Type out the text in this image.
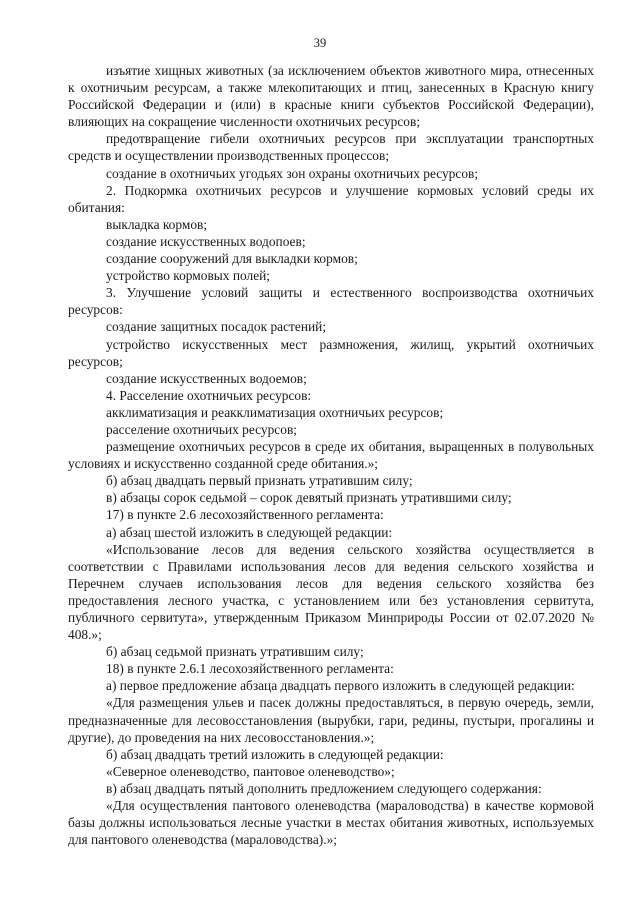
39

изъятие хищных животных (за исключением объектов животного мира, отнесенных к охотничьим ресурсам, а также млекопитающих и птиц, занесенных в Красную книгу Российской Федерации и (или) в красные книги субъектов Российской Федерации), влияющих на сокращение численности охотничьих ресурсов;

предотвращение гибели охотничьих ресурсов при эксплуатации транспортных средств и осуществлении производственных процессов;

создание в охотничьих угодьях зон охраны охотничьих ресурсов;

2. Подкормка охотничьих ресурсов и улучшение кормовых условий среды их обитания:

выкладка кормов;

создание искусственных водопоев;

создание сооружений для выкладки кормов;

устройство кормовых полей;

3. Улучшение условий защиты и естественного воспроизводства охотничьих ресурсов:

создание защитных посадок растений;

устройство искусственных мест размножения, жилищ, укрытий охотничьих ресурсов;

создание искусственных водоемов;

4. Расселение охотничьих ресурсов:

акклиматизация и реакклиматизация охотничьих ресурсов;

расселение охотничьих ресурсов;

размещение охотничьих ресурсов в среде их обитания, выращенных в полувольных условиях и искусственно созданной среде обитания.»;

б) абзац двадцать первый признать утратившим силу;

в) абзацы сорок седьмой – сорок девятый признать утратившими силу;

17) в пункте 2.6 лесохозяйственного регламента:

а) абзац шестой изложить в следующей редакции:

«Использование лесов для ведения сельского хозяйства осуществляется в соответствии с Правилами использования лесов для ведения сельского хозяйства и Перечнем случаев использования лесов для ведения сельского хозяйства без предоставления лесного участка, с установлением или без установления сервитута, публичного сервитута», утвержденным Приказом Минприроды России от 02.07.2020 № 408.»;

б) абзац седьмой признать утратившим силу;

18) в пункте 2.6.1 лесохозяйственного регламента:

а) первое предложение абзаца двадцать первого изложить в следующей редакции:

«Для размещения ульев и пасек должны предоставляться, в первую очередь, земли, предназначенные для лесовосстановления (вырубки, гари, редины, пустыри, прогалины и другие), до проведения на них лесовосстановления.»;

б) абзац двадцать третий изложить в следующей редакции:

«Северное оленеводство, пантовое оленеводство»;

в) абзац двадцать пятый дополнить предложением следующего содержания:

«Для осуществления пантового оленеводства (мараловодства) в качестве кормовой базы должны использоваться лесные участки в местах обитания животных, используемых для пантового оленеводства (мараловодства).»;
